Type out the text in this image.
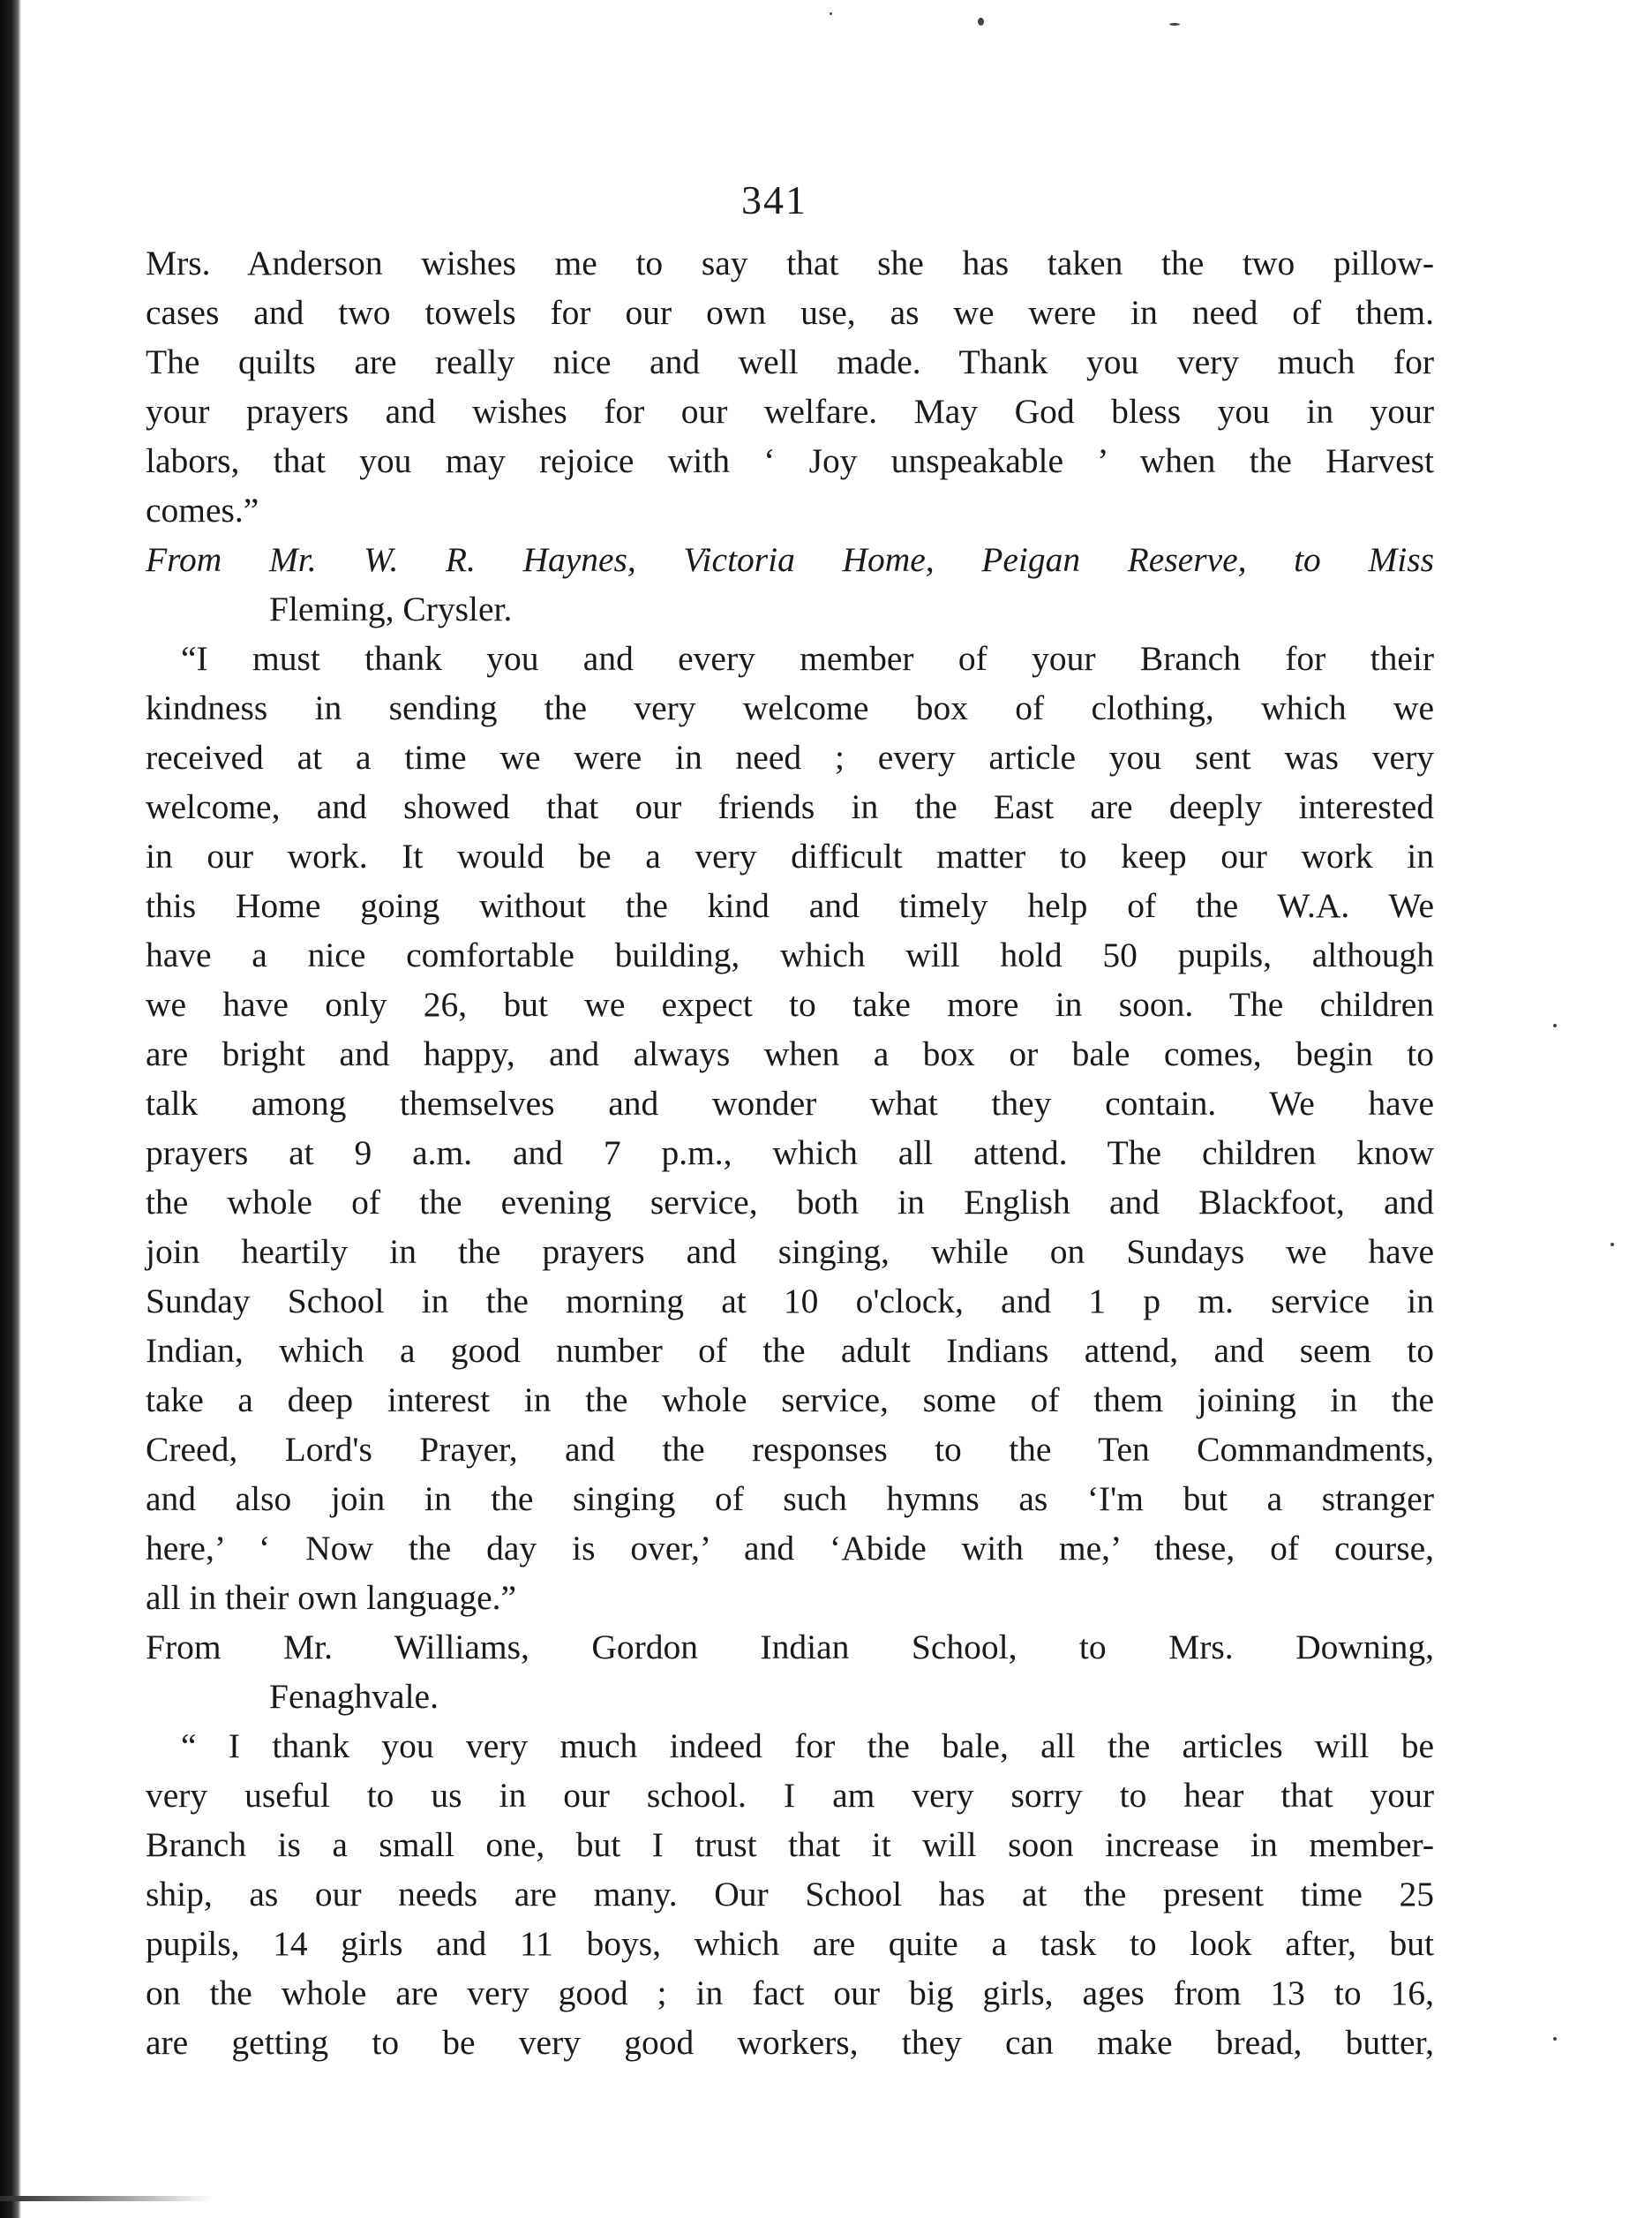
341

Mrs. Anderson wishes me to say that she has taken the two pillow-
cases and two towels for our own use, as we were in need of them.
The quilts are really nice and well made. Thank you very much for
your prayers and wishes for our welfare. May God bless you in your
labors, that you may rejoice with ‘ Joy unspeakable ’ when the Harvest
comes.”

From Mr. W. R. Haynes, Victoria Home, Peigan Reserve, to Miss
Fleming, Crysler.

“I must thank you and every member of your Branch for their
kindness in sending the very welcome box of clothing, which we
received at a time we were in need ; every article you sent was very
welcome, and showed that our friends in the East are deeply interested
in our work. It would be a very difficult matter to keep our work in
this Home going without the kind and timely help of the W.A. We
have a nice comfortable building, which will hold 50 pupils, although
we have only 26, but we expect to take more in soon. The children
are bright and happy, and always when a box or bale comes, begin to
talk among themselves and wonder what they contain. We have
prayers at 9 a.m. and 7 p.m., which all attend. The children know
the whole of the evening service, both in English and Blackfoot, and
join heartily in the prayers and singing, while on Sundays we have
Sunday School in the morning at 10 o'clock, and 1 p m. service in
Indian, which a good number of the adult Indians attend, and seem to
take a deep interest in the whole service, some of them joining in the
Creed, Lord's Prayer, and the responses to the Ten Commandments,
and also join in the singing of such hymns as ‘I'm but a stranger
here,’ ‘ Now the day is over,’ and ‘Abide with me,’ these, of course,
all in their own language.”

From Mr. Williams, Gordon Indian School, to Mrs. Downing,
Fenaghvale.

“ I thank you very much indeed for the bale, all the articles will be
very useful to us in our school. I am very sorry to hear that your
Branch is a small one, but I trust that it will soon increase in member-
ship, as our needs are many. Our School has at the present time 25
pupils, 14 girls and 11 boys, which are quite a task to look after, but
on the whole are very good ; in fact our big girls, ages from 13 to 16,
are getting to be very good workers, they can make bread, butter,
